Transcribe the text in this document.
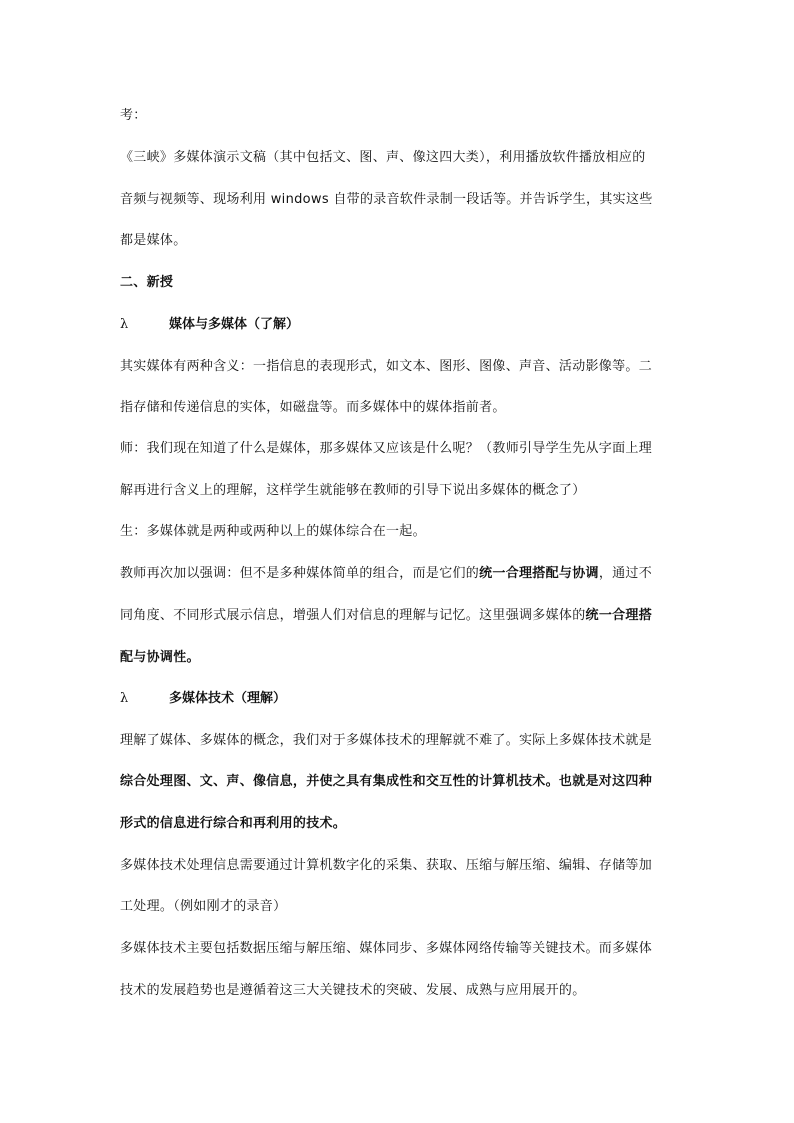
考：
《三峡》多媒体演示文稿（其中包括文、图、声、像这四大类），利用播放软件播放相应的
音频与视频等、现场利用 windows 自带的录音软件录制一段话等。并告诉学生，其实这些
都是媒体。
二、新授
λ	媒体与多媒体（了解）
其实媒体有两种含义：一指信息的表现形式，如文本、图形、图像、声音、活动影像等。二
指存储和传递信息的实体，如磁盘等。而多媒体中的媒体指前者。
师：我们现在知道了什么是媒体，那多媒体又应该是什么呢？（教师引导学生先从字面上理
解再进行含义上的理解，这样学生就能够在教师的引导下说出多媒体的概念了）
生：多媒体就是两种或两种以上的媒体综合在一起。
教师再次加以强调：但不是多种媒体简单的组合，而是它们的统一合理搭配与协调，通过不
同角度、不同形式展示信息，增强人们对信息的理解与记忆。这里强调多媒体的统一合理搭
配与协调性。
λ	多媒体技术（理解）
理解了媒体、多媒体的概念，我们对于多媒体技术的理解就不难了。实际上多媒体技术就是
综合处理图、文、声、像信息，并使之具有集成性和交互性的计算机技术。也就是对这四种
形式的信息进行综合和再利用的技术。
多媒体技术处理信息需要通过计算机数字化的采集、获取、压缩与解压缩、编辑、存储等加
工处理。（例如刚才的录音）
多媒体技术主要包括数据压缩与解压缩、媒体同步、多媒体网络传输等关键技术。而多媒体
技术的发展趋势也是遵循着这三大关键技术的突破、发展、成熟与应用展开的。
